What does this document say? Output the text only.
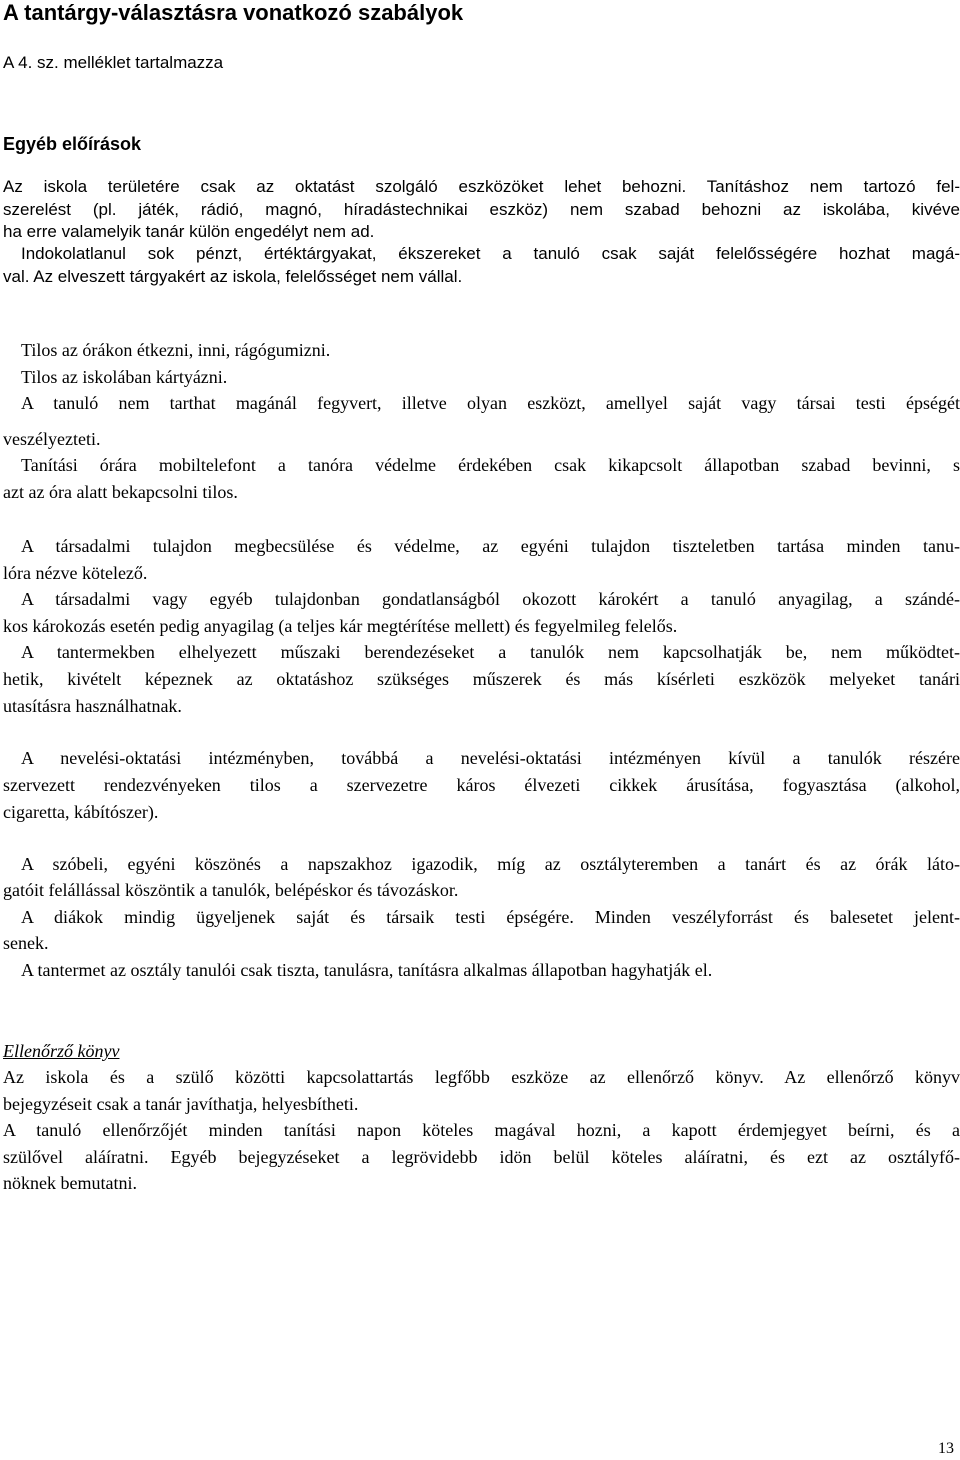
A tantárgy-választásra vonatkozó szabályok
A 4. sz. melléklet tartalmazza
Egyéb előírások
Az iskola területére csak az oktatást szolgáló eszközöket lehet behozni. Tanításhoz nem tartozó fel-
szerelést (pl. játék, rádió, magnó, híradástechnikai eszköz) nem szabad behozni az iskolába, kivéve
ha erre valamelyik tanár külön engedélyt nem ad.
Indokolatlanul sok pénzt, értéktárgyakat, ékszereket a tanuló csak saját felelősségére hozhat magá-
val. Az elveszett tárgyakért az iskola, felelősséget nem vállal.
Tilos az órákon étkezni, inni, rágógumizni.
Tilos az iskolában kártyázni.
A tanuló nem tarthat magánál fegyvert, illetve olyan eszközt, amellyel saját vagy társai testi épségét
veszélyezteti.
Tanítási órára mobiltelefont a tanóra védelme érdekében csak kikapcsolt állapotban szabad bevinni, s
azt az óra alatt bekapcsolni tilos.
A társadalmi tulajdon megbecsülése és védelme, az egyéni tulajdon tiszteletben tartása minden tanu-
lóra nézve kötelező.
A társadalmi vagy egyéb tulajdonban gondatlanságból okozott károkért a tanuló anyagilag, a szándé-
kos károkozás esetén pedig anyagilag (a teljes kár megtérítése mellett) és fegyelmileg felelős.
A tantermekben elhelyezett műszaki berendezéseket a tanulók nem kapcsolhatják be, nem működtet-
hetik, kivételt képeznek az oktatáshoz szükséges műszerek és más kísérleti eszközök melyeket tanári
utasításra használhatnak.
A nevelési-oktatási intézményben, továbbá a nevelési-oktatási intézményen kívül a tanulók részére
szervezett rendezvényeken tilos a szervezetre káros élvezeti cikkek árusítása, fogyasztása (alkohol,
cigaretta, kábítószer).
A szóbeli, egyéni köszönés a napszakhoz igazodik, míg az osztályteremben a tanárt és az órák láto-
gatóit felállással köszöntik a tanulók, belépéskor és távozáskor.
A diákok mindig ügyeljenek saját és társaik testi épségére. Minden veszélyforrást és balesetet jelent-
senek.
A tantermet az osztály tanulói csak tiszta, tanulásra, tanításra alkalmas állapotban hagyhatják el.
Ellenőrző könyv
Az iskola és a szülő közötti kapcsolattartás legfőbb eszköze az ellenőrző könyv. Az ellenőrző könyv
bejegyzéseit csak a tanár javíthatja, helyesbítheti.
A tanuló ellenőrzőjét minden tanítási napon köteles magával hozni, a kapott érdemjegyet beírni, és a
szülővel aláíratni. Egyéb bejegyzéseket a legrövidebb idön belül köteles aláíratni, és ezt az osztályfő-
nöknek bemutatni.
13
